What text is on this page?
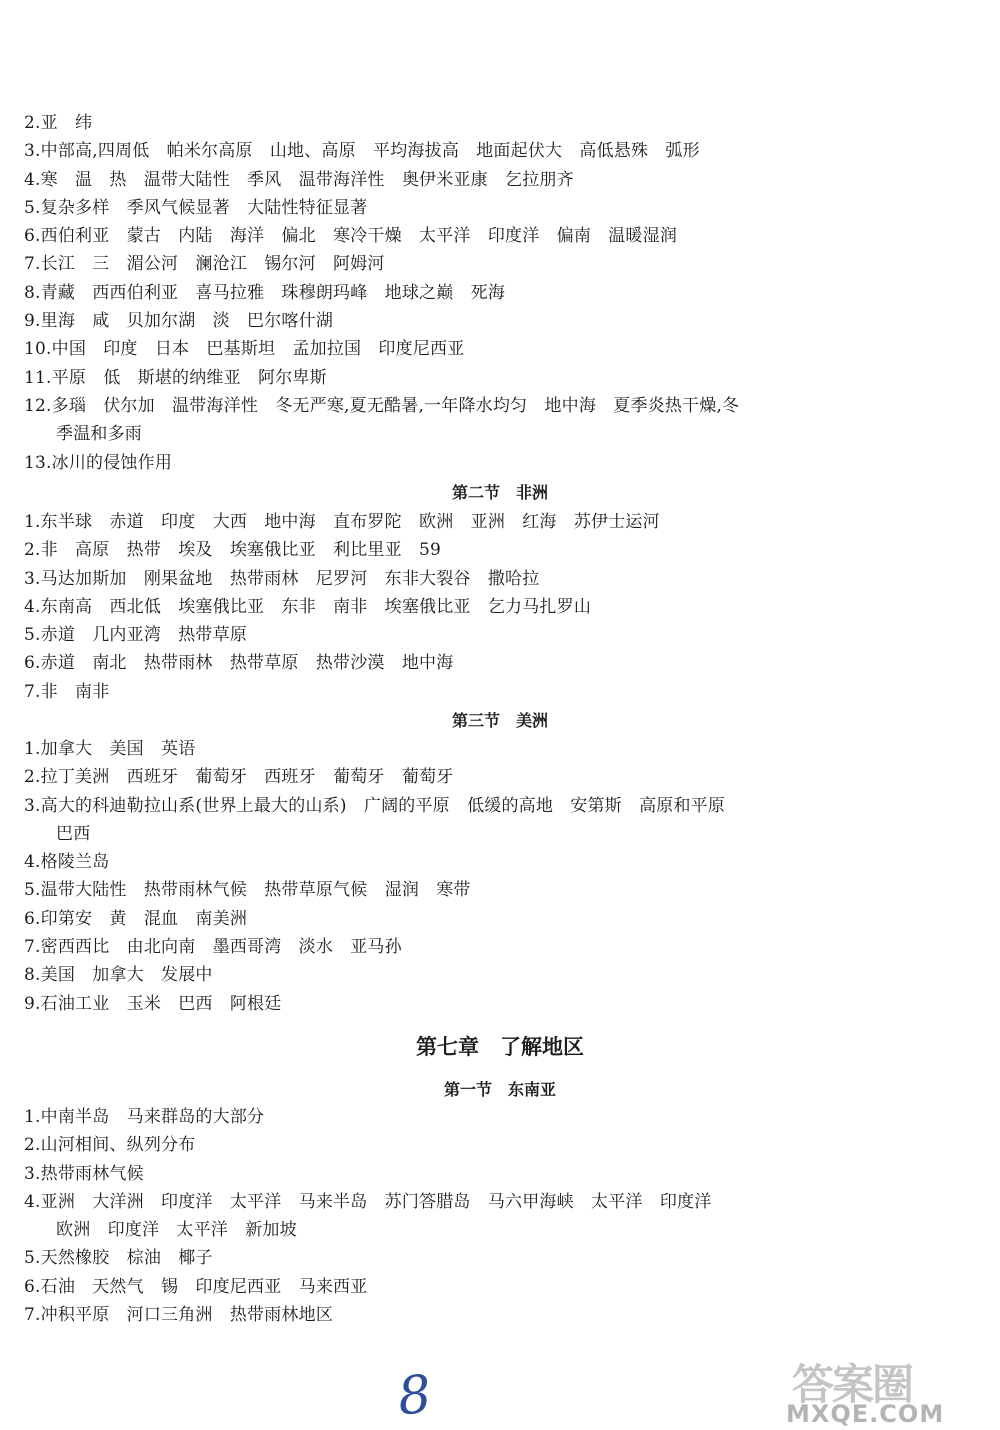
2.亚　纬
3.中部高,四周低　帕米尔高原　山地、高原　平均海拔高　地面起伏大　高低悬殊　弧形
4.寒　温　热　温带大陆性　季风　温带海洋性　奥伊米亚康　乞拉朋齐
5.复杂多样　季风气候显著　大陆性特征显著
6.西伯利亚　蒙古　内陆　海洋　偏北　寒冷干燥　太平洋　印度洋　偏南　温暖湿润
7.长江　三　湄公河　澜沧江　锡尔河　阿姆河
8.青藏　西西伯利亚　喜马拉雅　珠穆朗玛峰　地球之巅　死海
9.里海　咸　贝加尔湖　淡　巴尔喀什湖
10.中国　印度　日本　巴基斯坦　孟加拉国　印度尼西亚
11.平原　低　斯堪的纳维亚　阿尔卑斯
12.多瑙　伏尔加　温带海洋性　冬无严寒,夏无酷暑,一年降水均匀　地中海　夏季炎热干燥,冬
季温和多雨
13.冰川的侵蚀作用
第二节　非洲
1.东半球　赤道　印度　大西　地中海　直布罗陀　欧洲　亚洲　红海　苏伊士运河
2.非　高原　热带　埃及　埃塞俄比亚　利比里亚　59
3.马达加斯加　刚果盆地　热带雨林　尼罗河　东非大裂谷　撒哈拉
4.东南高　西北低　埃塞俄比亚　东非　南非　埃塞俄比亚　乞力马扎罗山
5.赤道　几内亚湾　热带草原
6.赤道　南北　热带雨林　热带草原　热带沙漠　地中海
7.非　南非
第三节　美洲
1.加拿大　美国　英语
2.拉丁美洲　西班牙　葡萄牙　西班牙　葡萄牙　葡萄牙
3.高大的科迪勒拉山系(世界上最大的山系)　广阔的平原　低缓的高地　安第斯　高原和平原
巴西
4.格陵兰岛
5.温带大陆性　热带雨林气候　热带草原气候　湿润　寒带
6.印第安　黄　混血　南美洲
7.密西西比　由北向南　墨西哥湾　淡水　亚马孙
8.美国　加拿大　发展中
9.石油工业　玉米　巴西　阿根廷
第七章　了解地区
第一节　东南亚
1.中南半岛　马来群岛的大部分
2.山河相间、纵列分布
3.热带雨林气候
4.亚洲　大洋洲　印度洋　太平洋　马来半岛　苏门答腊岛　马六甲海峡　太平洋　印度洋
欧洲　印度洋　太平洋　新加坡
5.天然橡胶　棕油　椰子
6.石油　天然气　锡　印度尼西亚　马来西亚
7.冲积平原　河口三角洲　热带雨林地区
8	答案圈
MXQE.COM
